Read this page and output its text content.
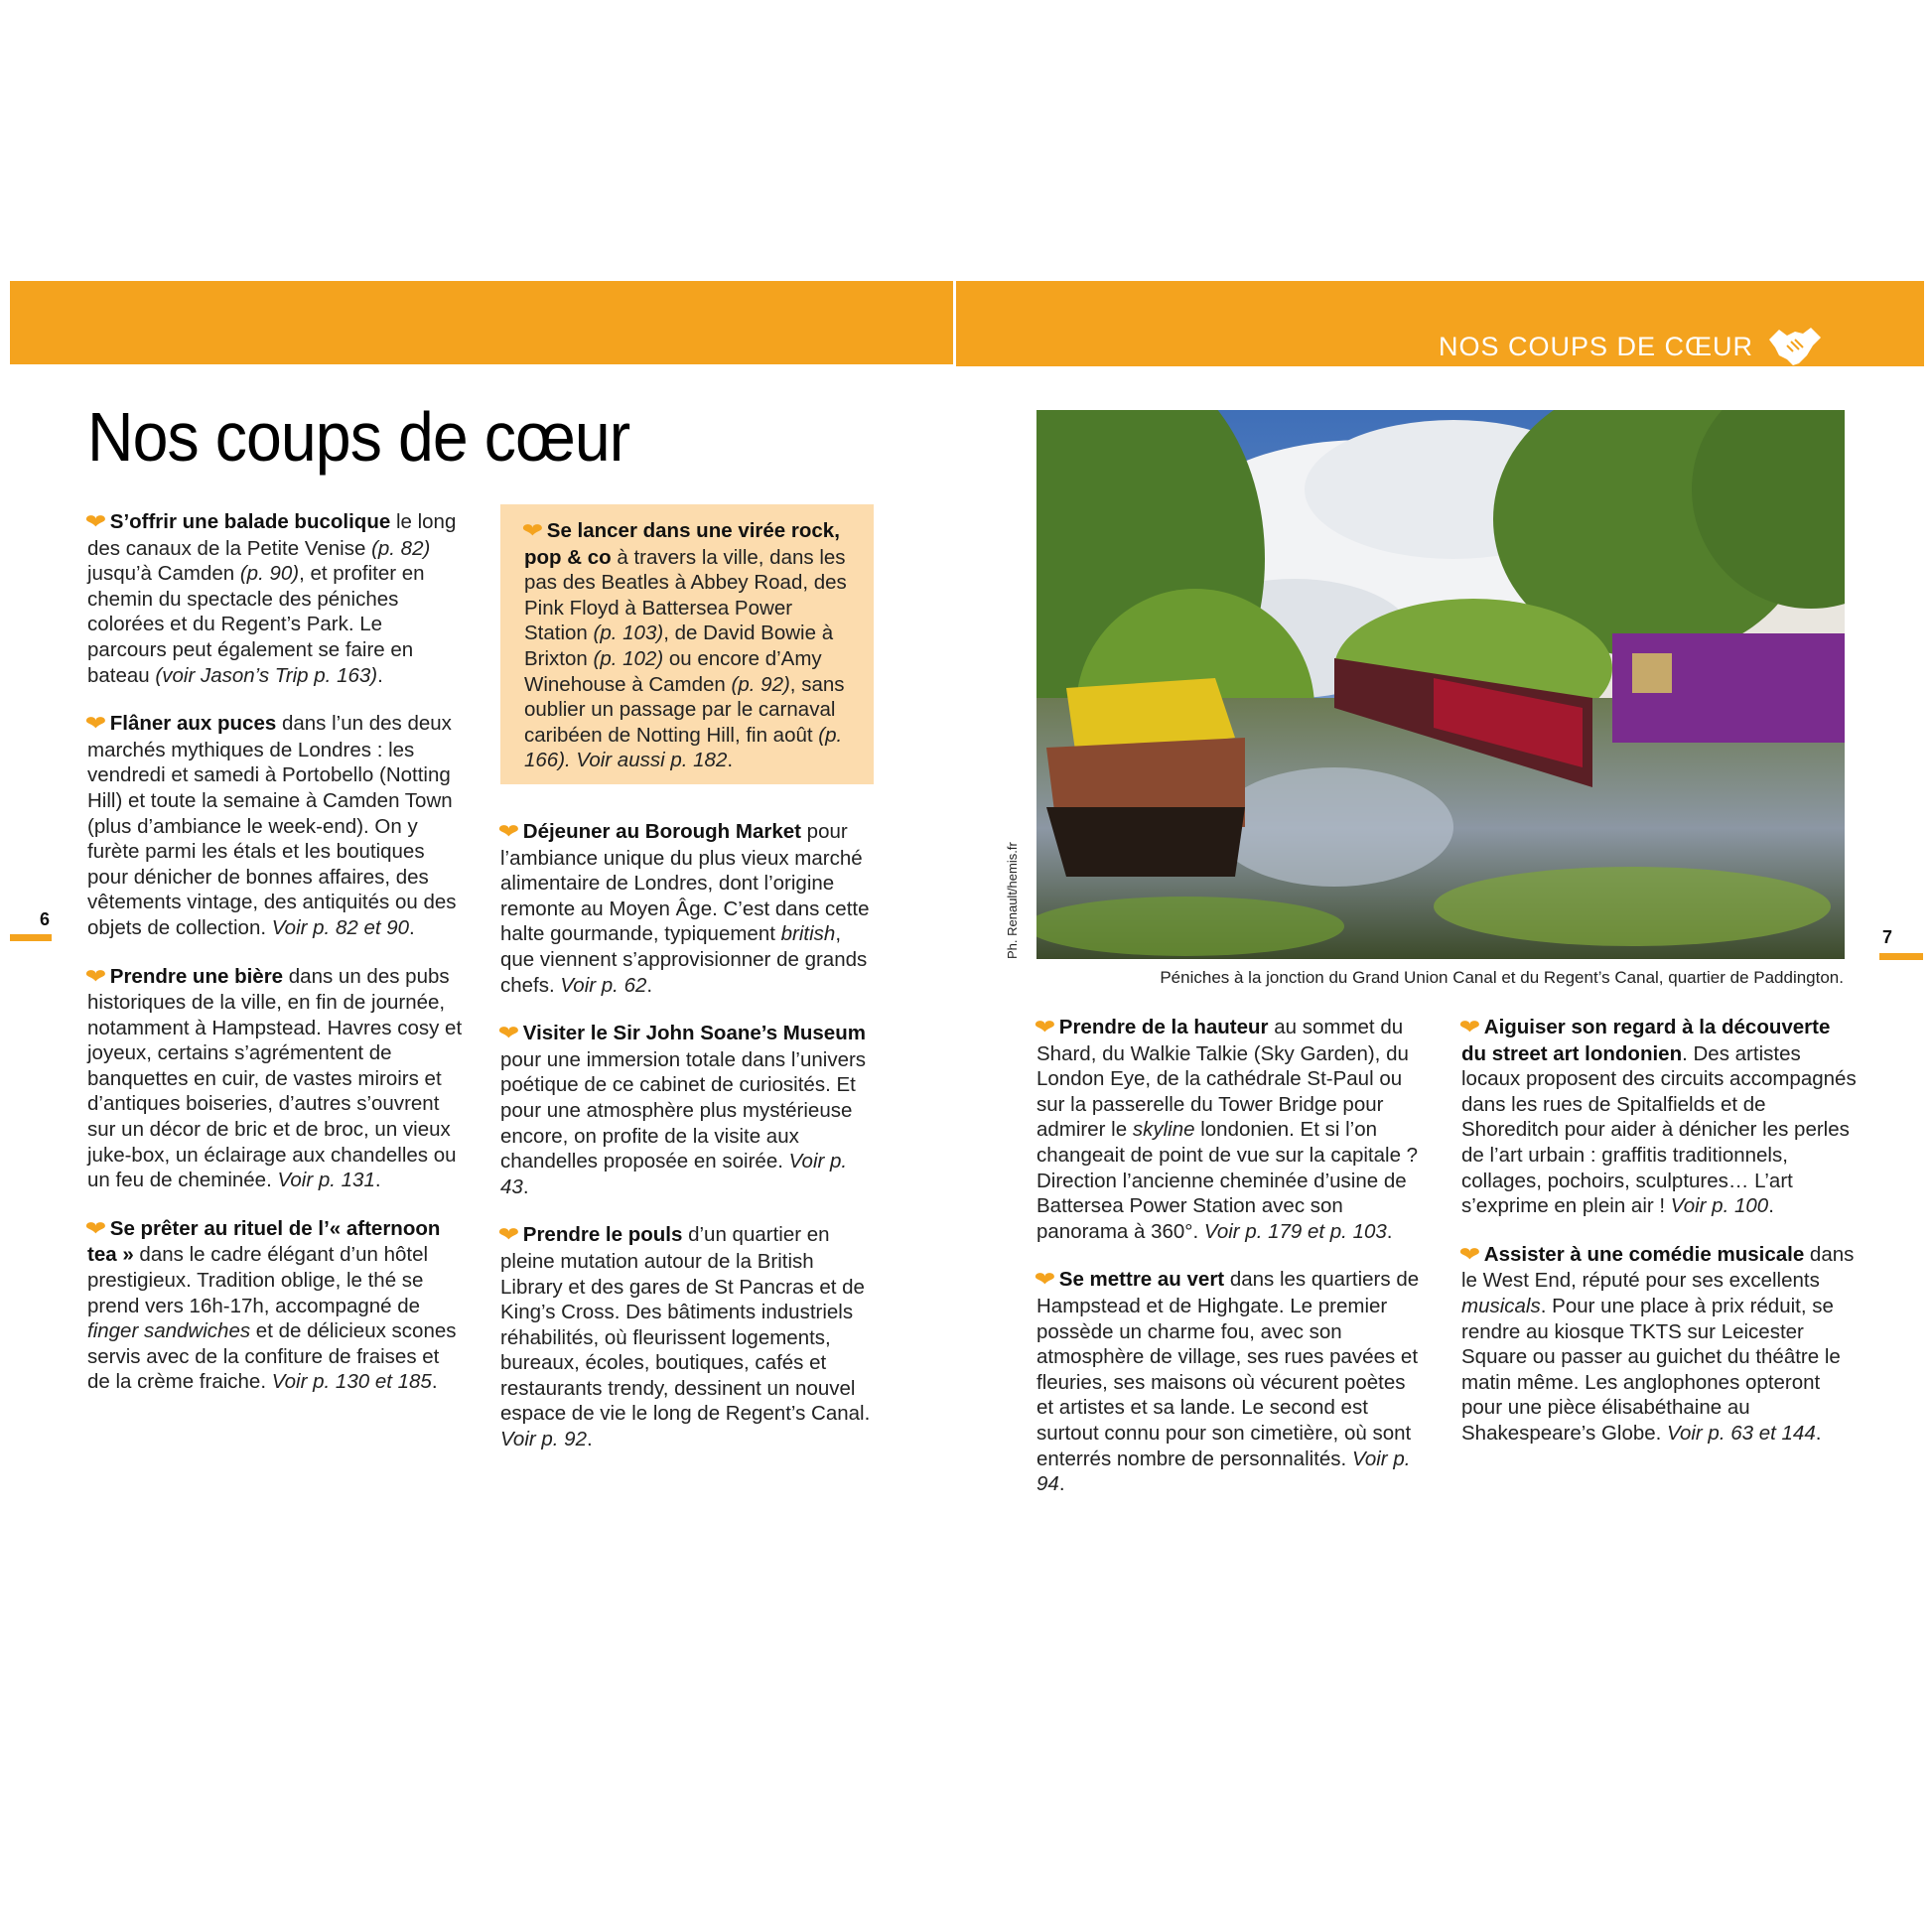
NOS COUPS DE CŒUR
Nos coups de cœur
6
7

❤ S’offrir une balade bucolique le long des canaux de la Petite Venise (p. 82) jusqu’à Camden (p. 90), et profiter en chemin du spectacle des péniches colorées et du Regent’s Park. Le parcours peut également se faire en bateau (voir Jason’s Trip p. 163).

❤ Flâner aux puces dans l’un des deux marchés mythiques de Londres : les vendredi et samedi à Portobello (Notting Hill) et toute la semaine à Camden Town (plus d’ambiance le week-end). On y furète parmi les étals et les boutiques pour dénicher de bonnes affaires, des vêtements vintage, des antiquités ou des objets de collection. Voir p. 82 et 90.

❤ Prendre une bière dans un des pubs historiques de la ville, en fin de journée, notamment à Hampstead. Havres cosy et joyeux, certains s’agrémentent de banquettes en cuir, de vastes miroirs et d’antiques boiseries, d’autres s’ouvrent sur un décor de bric et de broc, un vieux juke-box, un éclairage aux chandelles ou un feu de cheminée. Voir p. 131.

❤ Se prêter au rituel de l’« afternoon tea » dans le cadre élégant d’un hôtel prestigieux. Tradition oblige, le thé se prend vers 16h-17h, accompagné de finger sandwiches et de délicieux scones servis avec de la confiture de fraises et de la crème fraiche. Voir p. 130 et 185.

❤ Se lancer dans une virée rock, pop & co à travers la ville, dans les pas des Beatles à Abbey Road, des Pink Floyd à Battersea Power Station (p. 103), de David Bowie à Brixton (p. 102) ou encore d’Amy Winehouse à Camden (p. 92), sans oublier un passage par le carnaval caribéen de Notting Hill, fin août (p. 166). Voir aussi p. 182.

❤ Déjeuner au Borough Market pour l’ambiance unique du plus vieux marché alimentaire de Londres, dont l’origine remonte au Moyen Âge. C’est dans cette halte gourmande, typiquement british, que viennent s’approvisionner de grands chefs. Voir p. 62.

❤ Visiter le Sir John Soane’s Museum pour une immersion totale dans l’univers poétique de ce cabinet de curiosités. Et pour une atmosphère plus mystérieuse encore, on profite de la visite aux chandelles proposée en soirée. Voir p. 43.

❤ Prendre le pouls d’un quartier en pleine mutation autour de la British Library et des gares de St Pancras et de King’s Cross. Des bâtiments industriels réhabilités, où fleurissent logements, bureaux, écoles, boutiques, cafés et restaurants trendy, dessinent un nouvel espace de vie le long de Regent’s Canal. Voir p. 92.

Ph. Renault/hemis.fr
Péniches à la jonction du Grand Union Canal et du Regent’s Canal, quartier de Paddington.

❤ Prendre de la hauteur au sommet du Shard, du Walkie Talkie (Sky Garden), du London Eye, de la cathédrale St-Paul ou sur la passerelle du Tower Bridge pour admirer le skyline londonien. Et si l’on changeait de point de vue sur la capitale ? Direction l’ancienne cheminée d’usine de Battersea Power Station avec son panorama à 360°. Voir p. 179 et p. 103.

❤ Se mettre au vert dans les quartiers de Hampstead et de Highgate. Le premier possède un charme fou, avec son atmosphère de village, ses rues pavées et fleuries, ses maisons où vécurent poètes et artistes et sa lande. Le second est surtout connu pour son cimetière, où sont enterrés nombre de personnalités. Voir p. 94.

❤ Aiguiser son regard à la découverte du street art londonien. Des artistes locaux proposent des circuits accompagnés dans les rues de Spitalfields et de Shoreditch pour aider à dénicher les perles de l’art urbain : graffitis traditionnels, collages, pochoirs, sculptures… L’art s’exprime en plein air ! Voir p. 100.

❤ Assister à une comédie musicale dans le West End, réputé pour ses excellents musicals. Pour une place à prix réduit, se rendre au kiosque TKTS sur Leicester Square ou passer au guichet du théâtre le matin même. Les anglophones opteront pour une pièce élisabéthaine au Shakespeare’s Globe. Voir p. 63 et 144.
